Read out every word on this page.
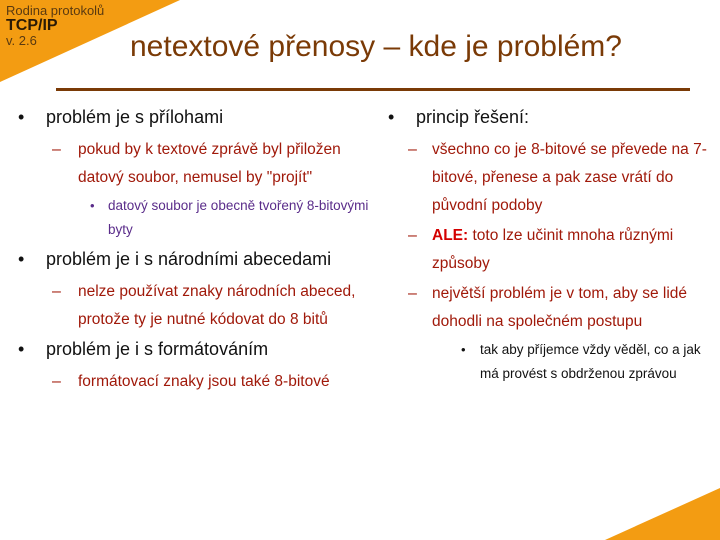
Rodina protokolů
TCP/IP
v. 2.6	netextové přenosy – kde je problém?
• problém je s přílohami
– pokud by k textové zprávě byl přiložen datový soubor, nemusel by "projít"
• datový soubor je obecně tvořený 8-bitovými byty
• problém je i s národními abecedami
– nelze používat znaky národních abeced, protože ty je nutné kódovat do 8 bitů
• problém je i s formátováním
– formátovací znaky jsou také 8-bitové
• princip řešení:
– všechno co je 8-bitové se převede na 7-bitové, přenese a pak zase vrátí do původní podoby
– ALE: toto lze učinit mnoha různými způsoby
– největší problém je v tom, aby se lidé dohodli na společném postupu
• tak aby příjemce vždy věděl, co a jak má provést s obdrženou zprávou
